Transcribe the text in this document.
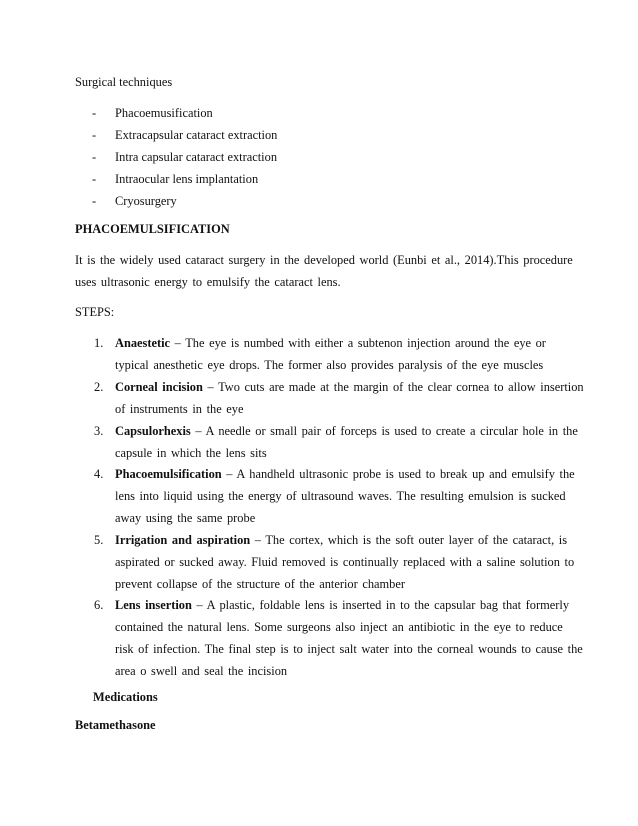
Surgical techniques
- Phacoemusification
- Extracapsular cataract extraction
- Intra capsular cataract extraction
- Intraocular lens implantation
- Cryosurgery
PHACOEMULSIFICATION
It is the widely used cataract surgery in the developed world (Eunbi et al., 2014).This procedure
uses ultrasonic energy to emulsify the cataract lens.
STEPS:
1. Anaestetic – The eye is numbed with either a subtenon injection around the eye or
typical anesthetic eye drops. The former also provides paralysis of the eye muscles
2. Corneal incision – Two cuts are made at the margin of the clear cornea to allow insertion
of instruments in the eye
3. Capsulorhexis – A needle or small pair of forceps is used to create a circular hole in the
capsule in which the lens sits
4. Phacoemulsification – A handheld ultrasonic probe is used to break up and emulsify the
lens into liquid using the energy of ultrasound waves. The resulting emulsion is sucked
away using the same probe
5. Irrigation and aspiration – The cortex, which is the soft outer layer of the cataract, is
aspirated or sucked away. Fluid removed is continually replaced with a saline solution to
prevent collapse of the structure of the anterior chamber
6. Lens insertion – A plastic, foldable lens is inserted in to the capsular bag that formerly
contained the natural lens. Some surgeons also inject an antibiotic in the eye to reduce
risk of infection. The final step is to inject salt water into the corneal wounds to cause the
area o swell and seal the incision
Medications
Betamethasone
